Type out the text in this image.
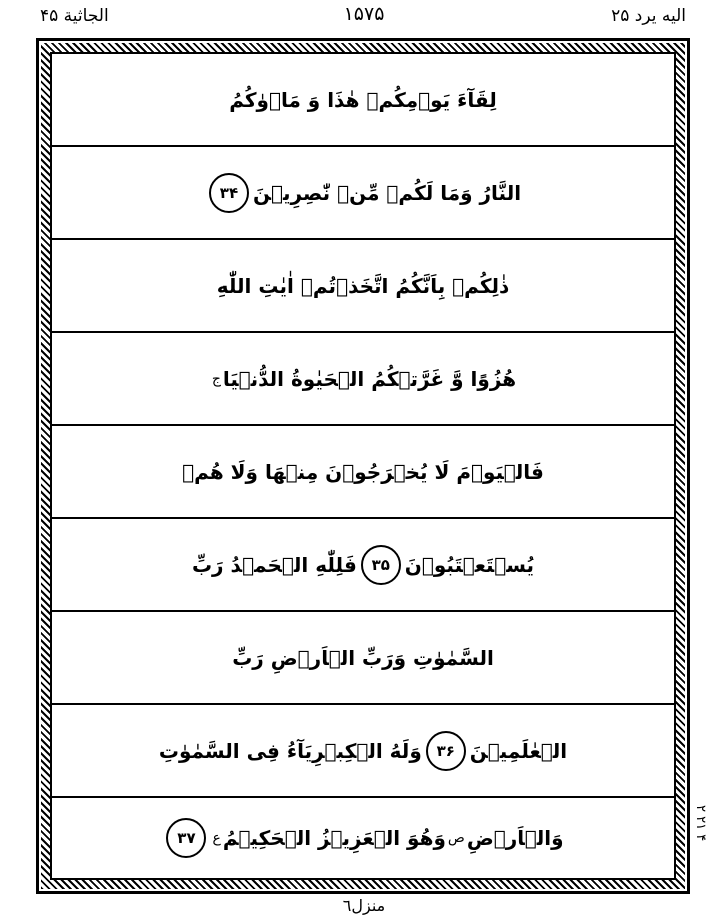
اليه يرد ۲۵
۱۵۷۵
الجاثية ۴۵
لِقَآءَ يَوۡمِكُمۡ هٰذَا وَ مَاۡوٰكُمُ
النَّارُ وَمَا لَكُمۡ مِّنۡ نّٰصِرِيۡنَ
۳۴
ذٰلِكُمۡ بِاَنَّكُمُ اتَّخَذۡتُمۡ اٰيٰتِ اللّٰهِ
هُزُوًا وَّ غَرَّتۡكُمُ الۡحَيٰوةُ الدُّنۡيَا
ج
فَالۡيَوۡمَ لَا يُخۡرَجُوۡنَ مِنۡهَا وَلَا هُمۡ
يُسۡتَعۡتَبُوۡنَ
۳۵
فَلِلّٰهِ الۡحَمۡدُ رَبِّ
السَّمٰوٰتِ وَرَبِّ الۡاَرۡضِ رَبِّ
الۡعٰلَمِيۡنَ
۳۶
وَلَهُ الۡكِبۡرِيَآءُ فِى السَّمٰوٰتِ
وَالۡاَرۡضِ
ص
وَهُوَ الۡعَزِيۡزُ الۡحَكِيۡمُ
ع
۳۷
۴ ۲۱ ۲
منزل٦
